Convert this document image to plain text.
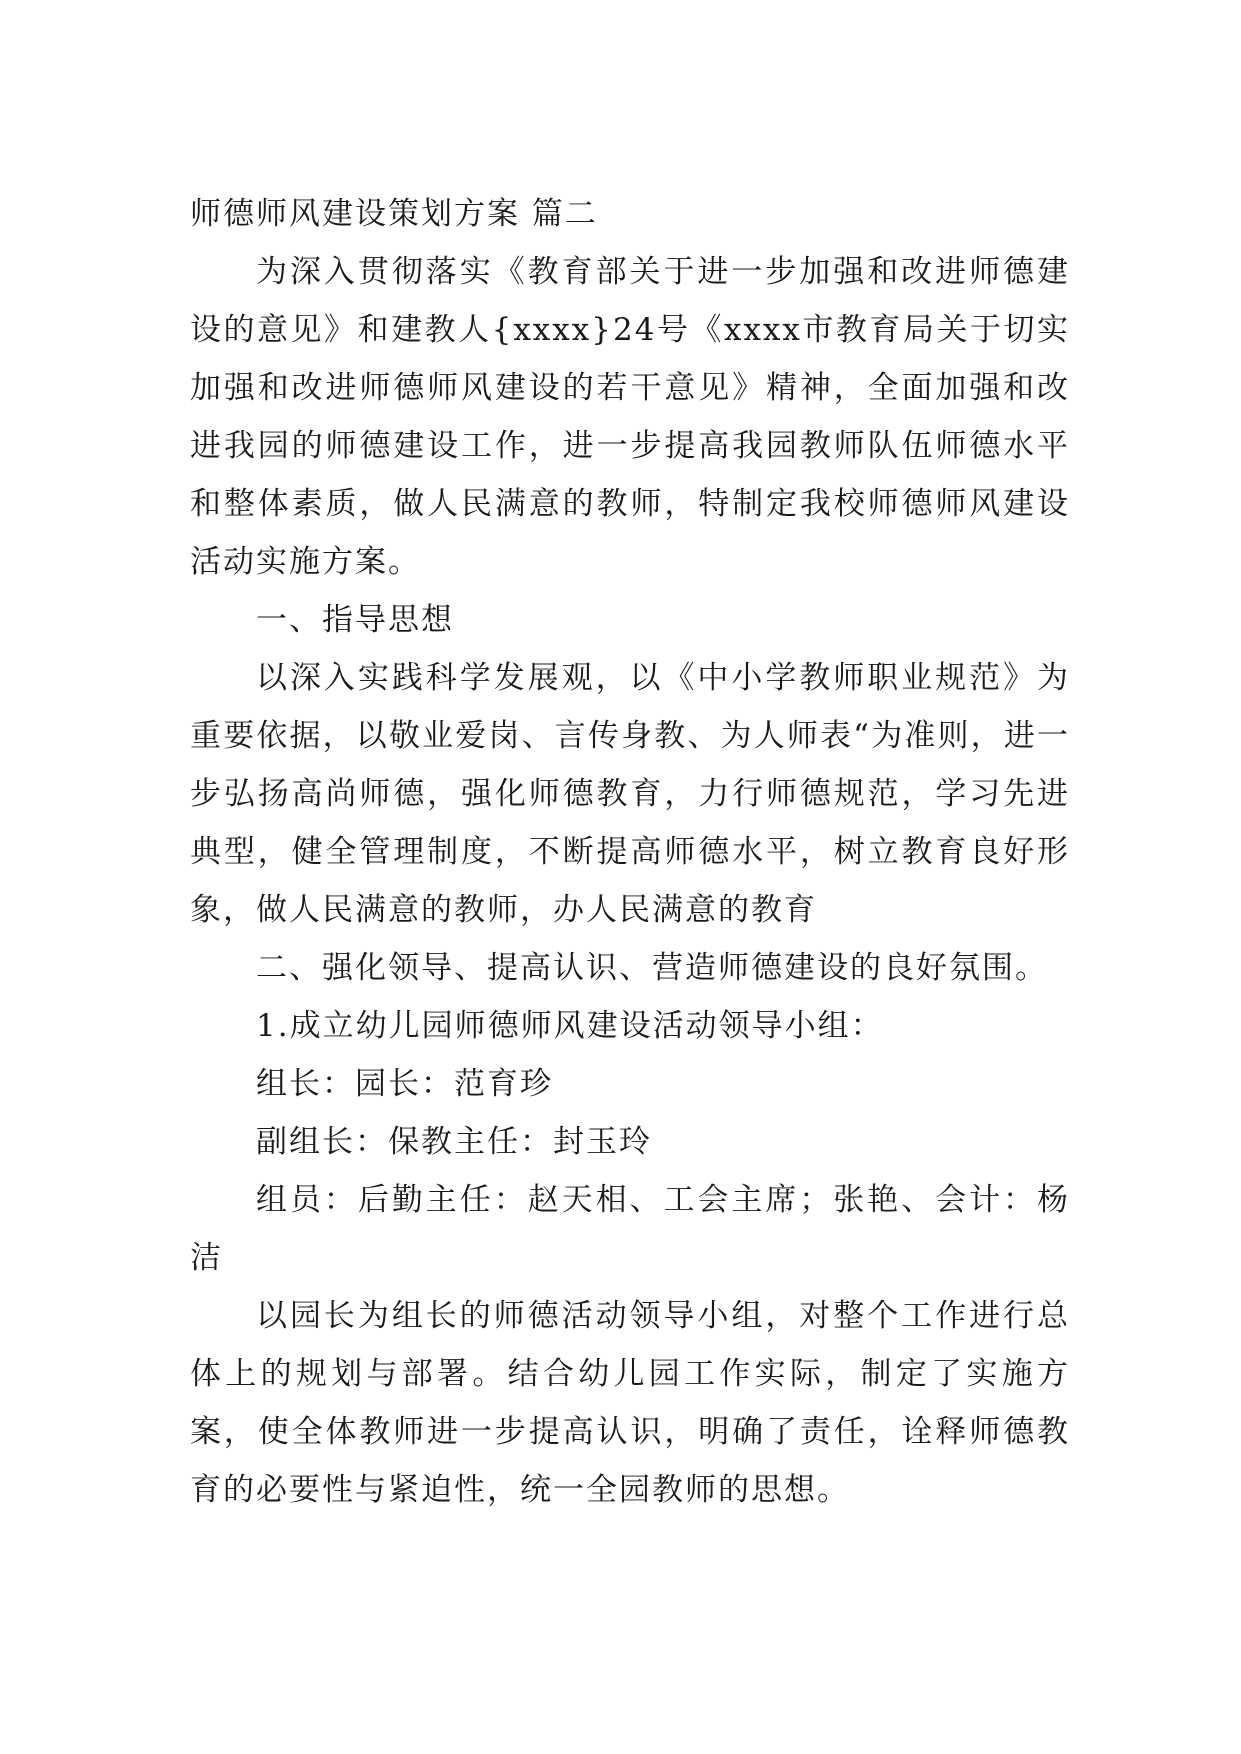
师德师风建设策划方案 篇二

为深入贯彻落实《教育部关于进一步加强和改进师德建设的意见》和建教人{xxxx}24号《xxxx市教育局关于切实加强和改进师德师风建设的若干意见》精神，全面加强和改进我园的师德建设工作，进一步提高我园教师队伍师德水平和整体素质，做人民满意的教师，特制定我校师德师风建设活动实施方案。

一、指导思想

以深入实践科学发展观，以《中小学教师职业规范》为重要依据，以敬业爱岗、言传身教、为人师表“为准则，进一步弘扬高尚师德，强化师德教育，力行师德规范，学习先进典型，健全管理制度，不断提高师德水平，树立教育良好形象，做人民满意的教师，办人民满意的教育

二、强化领导、提高认识、营造师德建设的良好氛围。

1.成立幼儿园师德师风建设活动领导小组：

组长：园长：范育珍

副组长：保教主任：封玉玲

组员：后勤主任：赵天相、工会主席；张艳、会计：杨洁

以园长为组长的师德活动领导小组，对整个工作进行总体上的规划与部署。结合幼儿园工作实际，制定了实施方案，使全体教师进一步提高认识，明确了责任，诠释师德教育的必要性与紧迫性，统一全园教师的思想。
